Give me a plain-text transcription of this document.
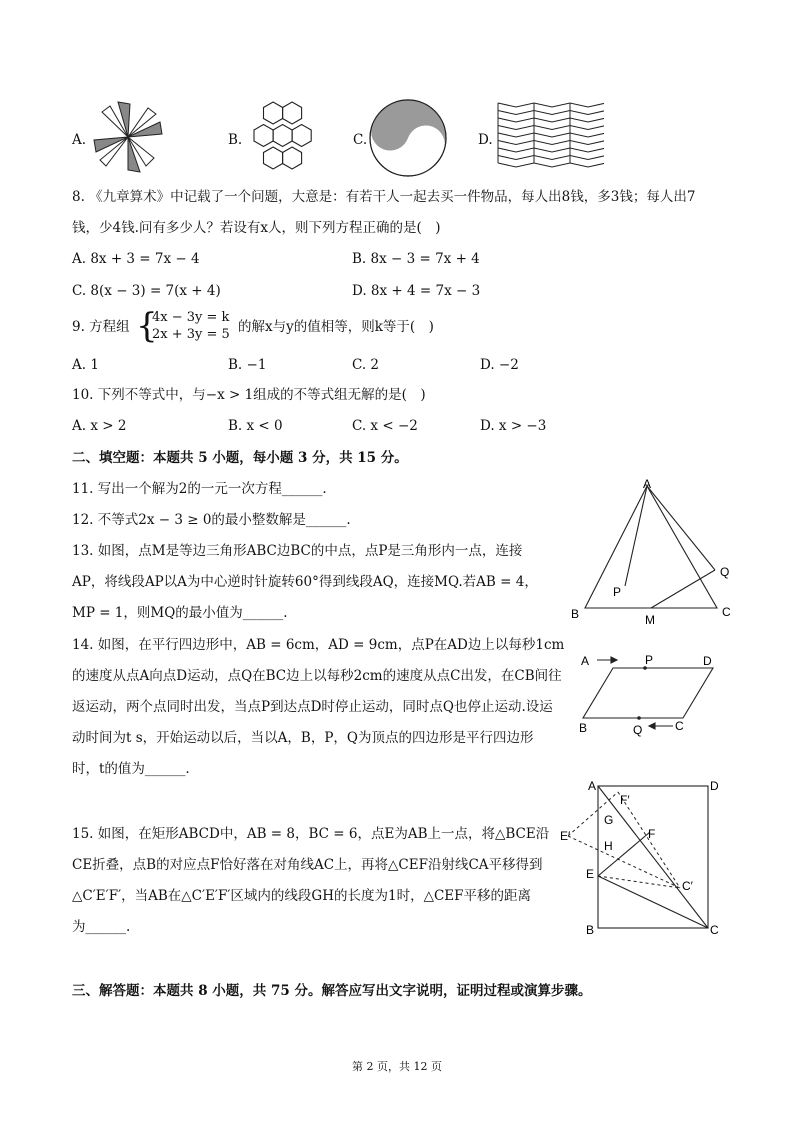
A.	B.	C.	D.
8. 《九章算术》中记载了一个问题，大意是：有若干人一起去买一件物品，每人出8钱，多3钱；每人出7
钱，少4钱.问有多少人？若设有x人，则下列方程正确的是(　)
A. 8x + 3 = 7x − 4	B. 8x − 3 = 7x + 4
C. 8(x − 3) = 7(x + 4)	D. 8x + 4 = 7x − 3
9. 方程组 {
4x − 3y = k
2x + 3y = 5 的解x与y的值相等，则k等于(　)
A. 1	B. −1	C. 2	D. −2
10. 下列不等式中，与−x > 1组成的不等式组无解的是(　)
A. x > 2	B. x < 0	C. x < −2	D. x > −3
二、填空题：本题共 5 小题，每小题 3 分，共 15 分。
11. 写出一个解为2的一元一次方程______.
12. 不等式2x − 3 ≥ 0的最小整数解是______.
13. 如图，点M是等边三角形ABC边BC的中点，点P是三角形内一点，连接
AP，将线段AP以A为中心逆时针旋转60°得到线段AQ，连接MQ.若AB = 4，
MP = 1，则MQ的最小值为______.
A
B	C
M
P
Q
14. 如图，在平行四边形中，AB = 6cm，AD = 9cm，点P在AD边上以每秒1cm
的速度从点A向点D运动，点Q在BC边上以每秒2cm的速度从点C出发，在CB间往
返运动，两个点同时出发，当点P到达点D时停止运动，同时点Q也停止运动.设运
动时间为t s，开始运动以后，当以A，B，P，Q为顶点的四边形是平行四边形
时，t的值为______.
A	P	D
B	Q	C
15. 如图，在矩形ABCD中，AB = 8，BC = 6，点E为AB上一点，将△BCE沿
CE折叠，点B的对应点F恰好落在对角线AC上，再将△CEF沿射线CA平移得到
△C′E′F′，当AB在△C′E′F′区域内的线段GH的长度为1时，△CEF平移的距离
为______.
A	D
F′
G
F
E′
H
E
C′
B	C
三、解答题：本题共 8 小题，共 75 分。解答应写出文字说明，证明过程或演算步骤。
第 2 页，共 12 页
